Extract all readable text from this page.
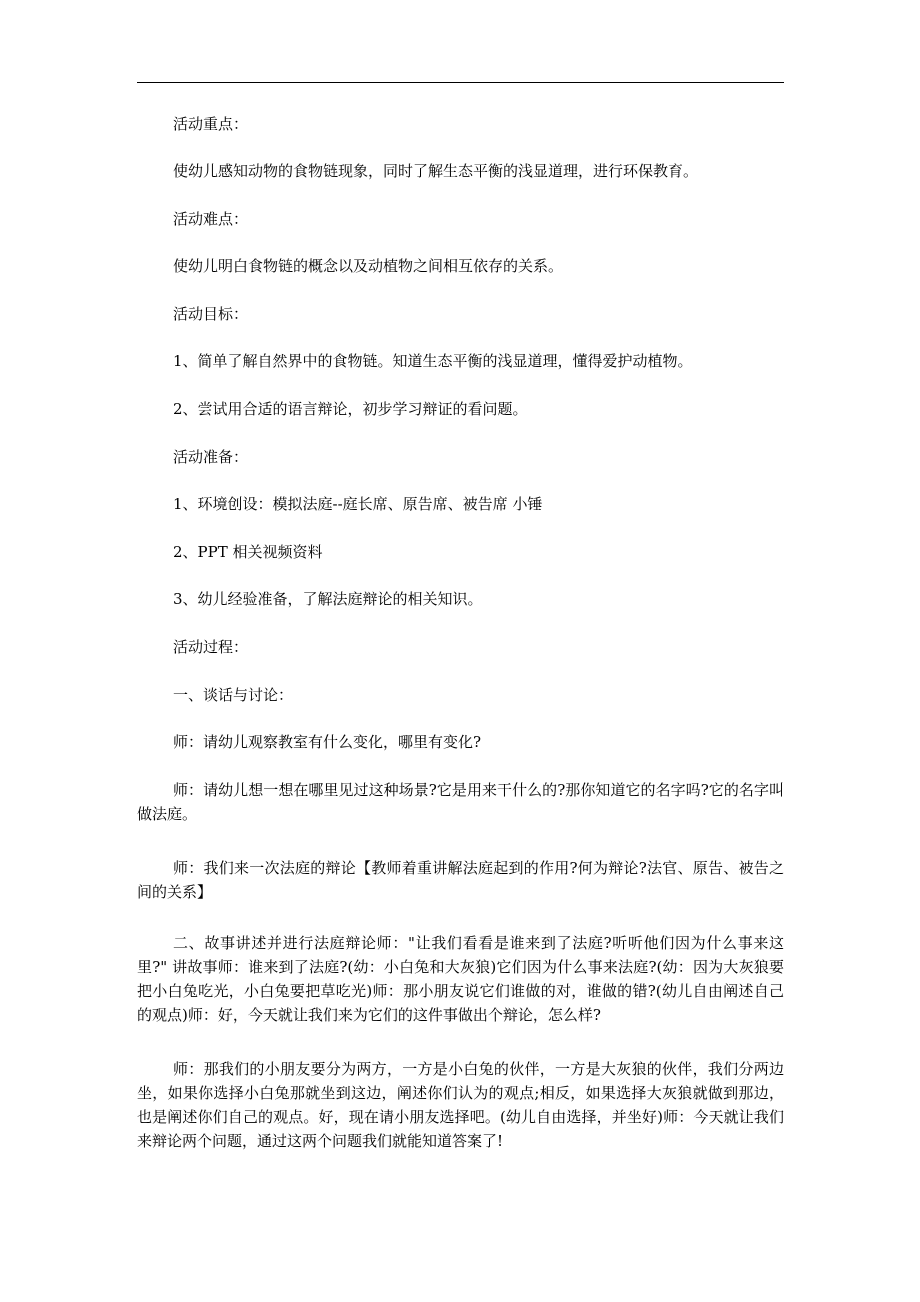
活动重点：
使幼儿感知动物的食物链现象，同时了解生态平衡的浅显道理，进行环保教育。
活动难点：
使幼儿明白食物链的概念以及动植物之间相互依存的关系。
活动目标：
1、简单了解自然界中的食物链。知道生态平衡的浅显道理，懂得爱护动植物。
2、尝试用合适的语言辩论，初步学习辩证的看问题。
活动准备：
1、环境创设：模拟法庭--庭长席、原告席、被告席 小锤
2、PPT 相关视频资料
3、幼儿经验准备，了解法庭辩论的相关知识。
活动过程：
一、谈话与讨论：
师：请幼儿观察教室有什么变化，哪里有变化?
师：请幼儿想一想在哪里见过这种场景?它是用来干什么的?那你知道它的名字吗?它的名字叫做法庭。
师：我们来一次法庭的辩论【教师着重讲解法庭起到的作用?何为辩论?法官、原告、被告之间的关系】
二、故事讲述并进行法庭辩论师："让我们看看是谁来到了法庭?听听他们因为什么事来这里?" 讲故事师：谁来到了法庭?(幼：小白兔和大灰狼)它们因为什么事来法庭?(幼：因为大灰狼要把小白兔吃光，小白兔要把草吃光)师：那小朋友说它们谁做的对，谁做的错?(幼儿自由阐述自己的观点)师：好，今天就让我们来为它们的这件事做出个辩论，怎么样?
师：那我们的小朋友要分为两方，一方是小白兔的伙伴，一方是大灰狼的伙伴，我们分两边坐，如果你选择小白兔那就坐到这边，阐述你们认为的观点;相反，如果选择大灰狼就做到那边，也是阐述你们自己的观点。好，现在请小朋友选择吧。(幼儿自由选择，并坐好)师：今天就让我们来辩论两个问题，通过这两个问题我们就能知道答案了!
